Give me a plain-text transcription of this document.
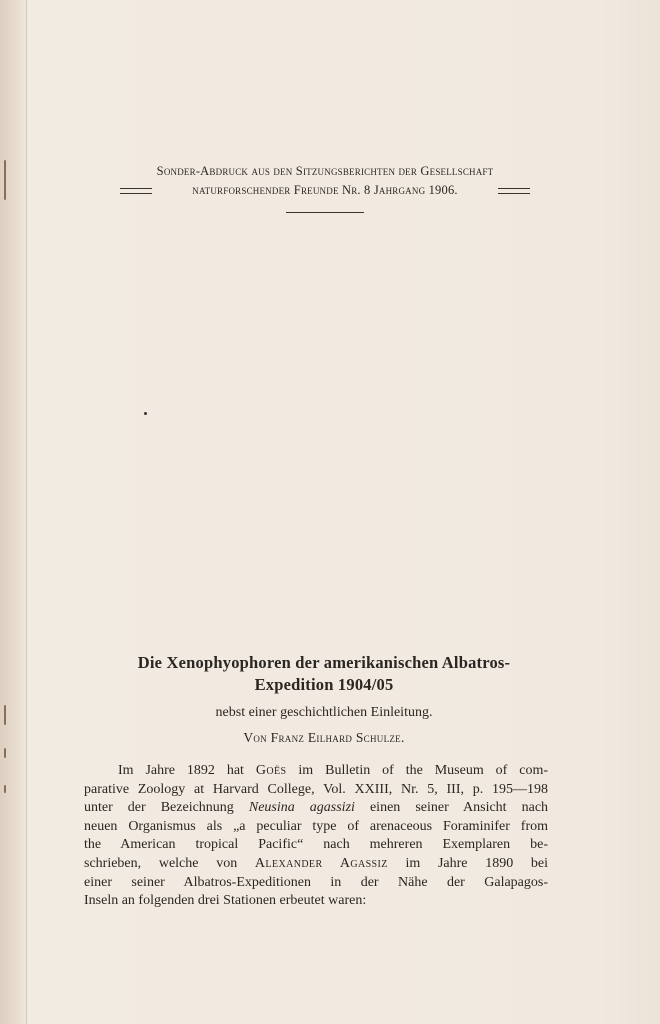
Sonder-Abdruck aus den Sitzungsberichten der Gesellschaft
naturforschender Freunde Nr. 8 Jahrgang 1906.
Die Xenophyophoren der amerikanischen Albatros-
Expedition 1904/05
nebst einer geschichtlichen Einleitung.
Von Franz Eilhard Schulze.
Im Jahre 1892 hat Goës im Bulletin of the Museum of com-
parative Zoology at Harvard College, Vol. XXIII, Nr. 5, III, p. 195—198
unter der Bezeichnung Neusina agassizi einen seiner Ansicht nach
neuen Organismus als „a peculiar type of arenaceous Foraminifer from
the American tropical Pacific“ nach mehreren Exemplaren be-
schrieben, welche von Alexander Agassiz im Jahre 1890 bei
einer seiner Albatros-Expeditionen in der Nähe der Galapagos-
Inseln an folgenden drei Stationen erbeutet waren:
